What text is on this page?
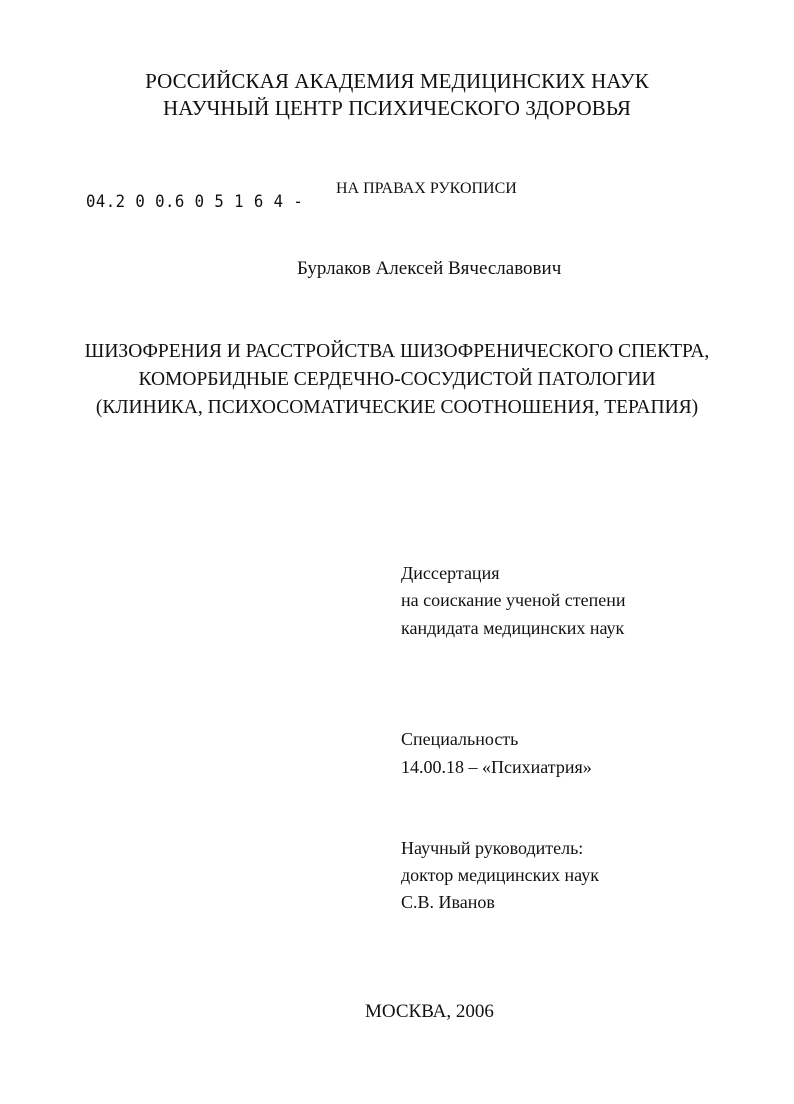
РОССИЙСКАЯ АКАДЕМИЯ МЕДИЦИНСКИХ НАУК
НАУЧНЫЙ ЦЕНТР ПСИХИЧЕСКОГО ЗДОРОВЬЯ
04.2 0 0.6 0 5 1 6 4 -
НА ПРАВАХ РУКОПИСИ
Бурлаков Алексей Вячеславович
ШИЗОФРЕНИЯ И РАССТРОЙСТВА ШИЗОФРЕНИЧЕСКОГО СПЕКТРА,
КОМОРБИДНЫЕ СЕРДЕЧНО-СОСУДИСТОЙ ПАТОЛОГИИ
(КЛИНИКА, ПСИХОСОМАТИЧЕСКИЕ СООТНОШЕНИЯ, ТЕРАПИЯ)
Диссертация
на соискание ученой степени
кандидата медицинских наук
Специальность
14.00.18 – «Психиатрия»
Научный руководитель:
доктор медицинских наук
С.В. Иванов
МОСКВА, 2006
